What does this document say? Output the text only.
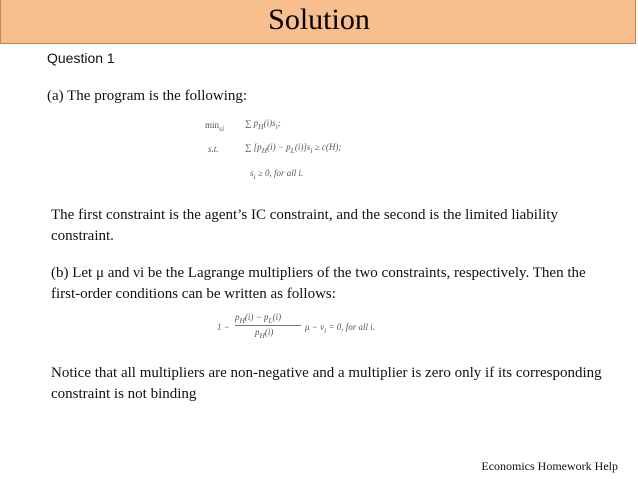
Solution
Question 1
(a) The program is the following:
$\min_{si}$
∑ $p_H(i)s_i$;
s.t.	∑ $[p_H(i) - p_L(i)]s_i \ge c(H)$;
$s_i \ge 0$, for all i.
The first constraint is the agent’s IC constraint, and the second is the limited liability constraint.
(b) Let μ and νi be the Lagrange multipliers of the two constraints, respectively. Then the first-order conditions can be written as follows:
1 −
$p_H(i) - p_L(i)$
$p_H(i)$	$\mu - \nu_i = 0$, for all i.
Notice that all multipliers are non-negative and a multiplier is zero only if its corresponding constraint is not binding
Economics Homework Help
